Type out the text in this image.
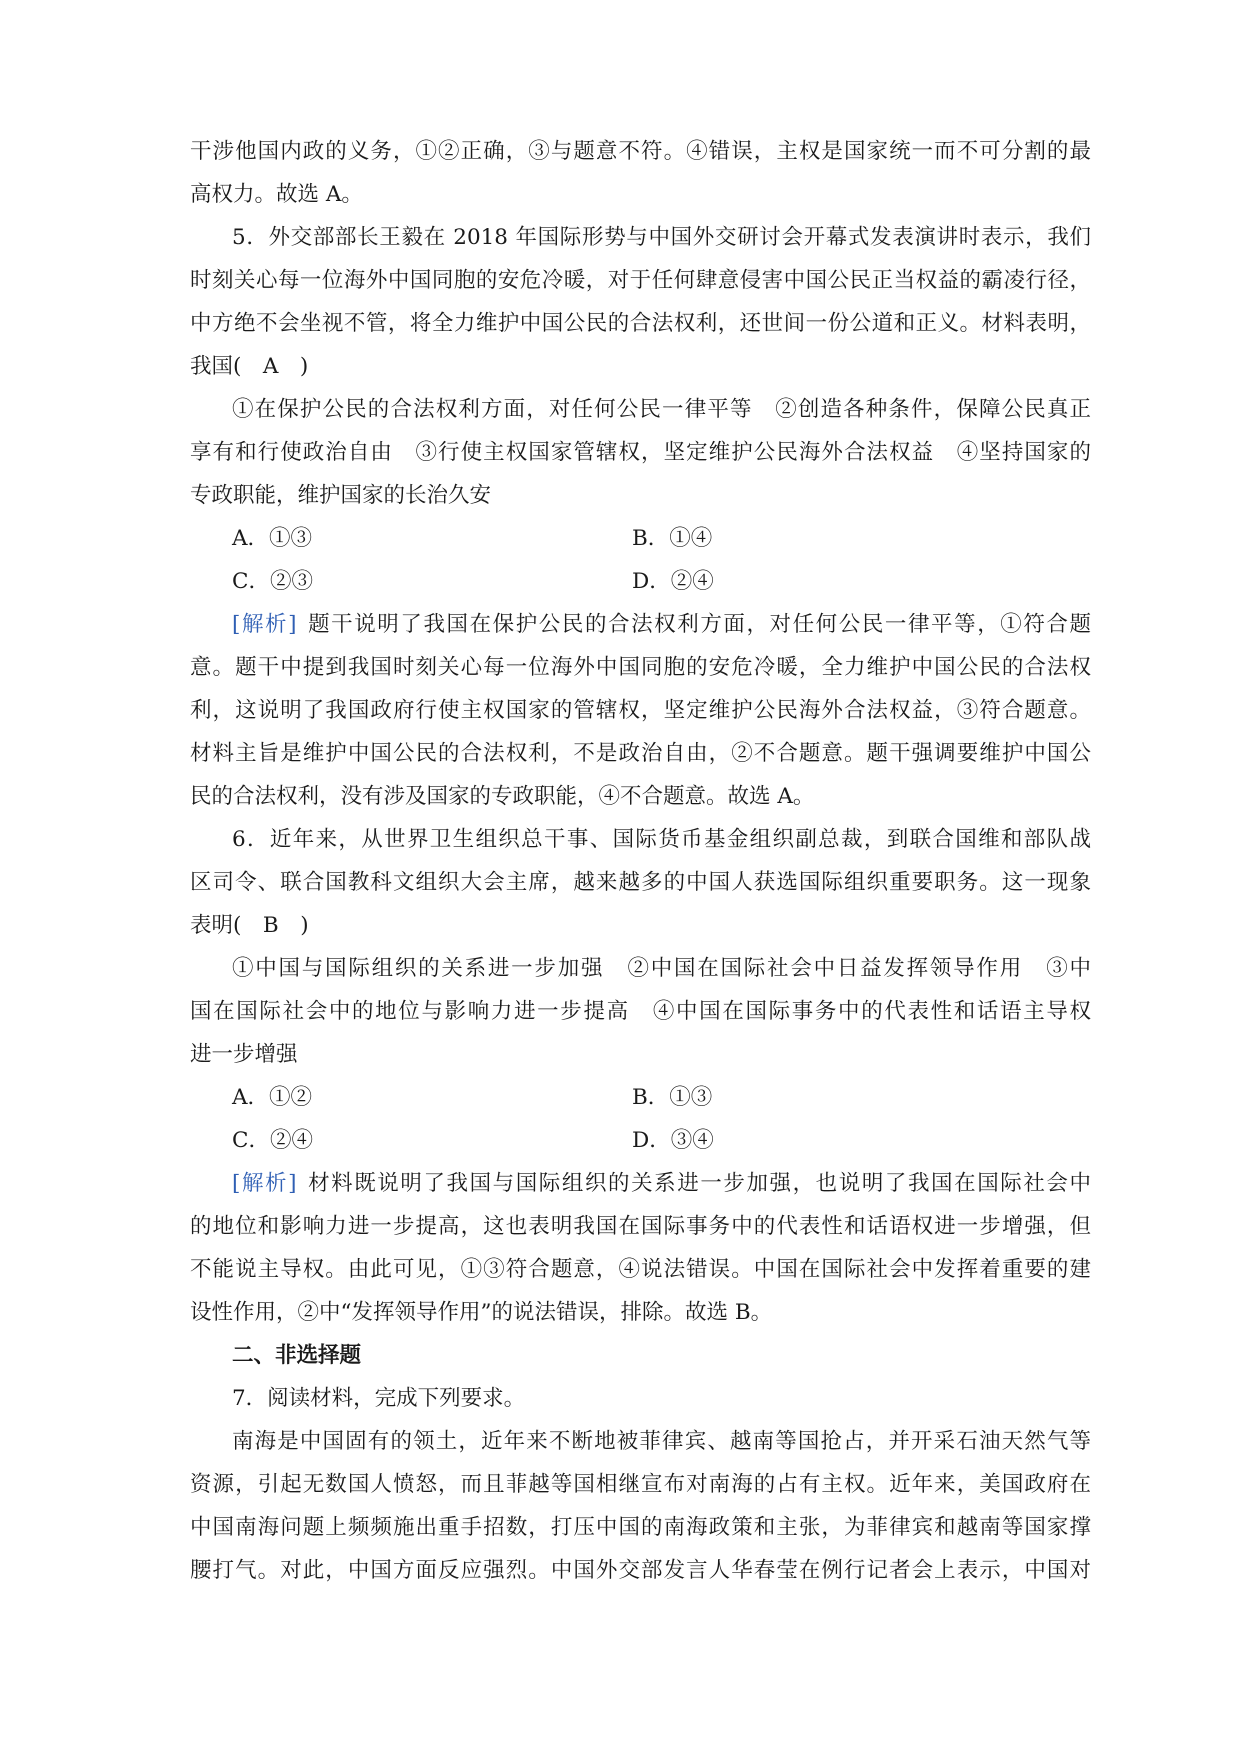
干涉他国内政的义务，①②正确，③与题意不符。④错误，主权是国家统一而不可分割的最
高权力。故选 A。
5．外交部部长王毅在 2018 年国际形势与中国外交研讨会开幕式发表演讲时表示，我们
时刻关心每一位海外中国同胞的安危冷暖，对于任何肆意侵害中国公民正当权益的霸凌行径，
中方绝不会坐视不管，将全力维护中国公民的合法权利，还世间一份公道和正义。材料表明，
我国(　A　)
①在保护公民的合法权利方面，对任何公民一律平等　②创造各种条件，保障公民真正
享有和行使政治自由　③行使主权国家管辖权，坚定维护公民海外合法权益　④坚持国家的
专政职能，维护国家的长治久安
A．①③	B．①④
C．②③	D．②④
[解析] 题干说明了我国在保护公民的合法权利方面，对任何公民一律平等，①符合题
意。题干中提到我国时刻关心每一位海外中国同胞的安危冷暖，全力维护中国公民的合法权
利，这说明了我国政府行使主权国家的管辖权，坚定维护公民海外合法权益，③符合题意。
材料主旨是维护中国公民的合法权利，不是政治自由，②不合题意。题干强调要维护中国公
民的合法权利，没有涉及国家的专政职能，④不合题意。故选 A。
6．近年来，从世界卫生组织总干事、国际货币基金组织副总裁，到联合国维和部队战
区司令、联合国教科文组织大会主席，越来越多的中国人获选国际组织重要职务。这一现象
表明(　B　)
①中国与国际组织的关系进一步加强　②中国在国际社会中日益发挥领导作用　③中
国在国际社会中的地位与影响力进一步提高　④中国在国际事务中的代表性和话语主导权
进一步增强
A．①②	B．①③
C．②④	D．③④
[解析] 材料既说明了我国与国际组织的关系进一步加强，也说明了我国在国际社会中
的地位和影响力进一步提高，这也表明我国在国际事务中的代表性和话语权进一步增强，但
不能说主导权。由此可见，①③符合题意，④说法错误。中国在国际社会中发挥着重要的建
设性作用，②中“发挥领导作用”的说法错误，排除。故选 B。
二、非选择题
7．阅读材料，完成下列要求。
南海是中国固有的领土，近年来不断地被菲律宾、越南等国抢占，并开采石油天然气等
资源，引起无数国人愤怒，而且菲越等国相继宣布对南海的占有主权。近年来，美国政府在
中国南海问题上频频施出重手招数，打压中国的南海政策和主张，为菲律宾和越南等国家撑
腰打气。对此，中国方面反应强烈。中国外交部发言人华春莹在例行记者会上表示，中国对
